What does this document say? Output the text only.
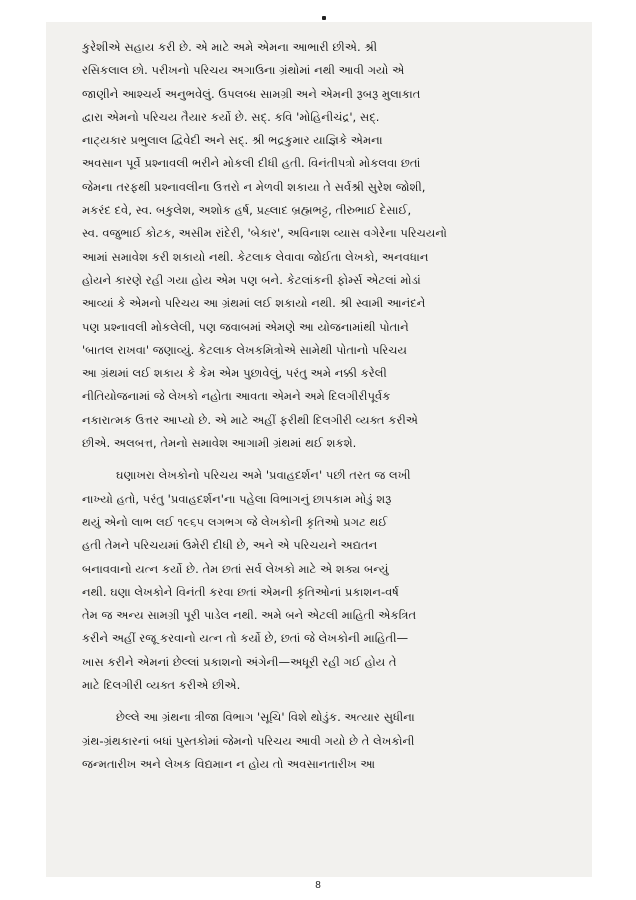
કુરેશીએ સહાય કરી છે. એ માટે અમે એમના આભારી છીએ. શ્રી
રસિકલાલ છો. પરીખનો પરિચય અગાઉના ગ્રંથોમાં નથી આવી ગયો એ
જાણીને આશ્ચર્ય અનુભવેલું. ઉપલબ્ધ સામગ્રી અને એમની રૂબરૂ મુલાકાત
દ્વારા એમનો પરિચય તૈયાર કર્યો છે. સદ્. કવિ 'મોહિનીચંદ્ર', સદ્.
નાટ્યકાર પ્રભુલાલ દ્વિવેદી અને સદ્. શ્રી ભદ્રકુમાર યાજ્ઞિકે એમના
અવસાન પૂર્વે પ્રશ્નાવલી ભરીને મોકલી દીધી હતી. વિનંતીપત્રો મોકલવા છતાં
જેમના તરફથી પ્રશ્નાવલીના ઉત્તરો ન મેળવી શકાયા તે સર્વશ્રી સુરેશ જોશી,
મકરંદ દવે, સ્વ. બકુલેશ, અશોક હર્ષ, પ્રહ્લાદ બ્રહ્મભટ્ટ, તીરુભાઈ દેસાઈ,
સ્વ. વજુભાઈ કોટક, અસીમ રાંદેરી, 'બેકાર', અવિનાશ વ્યાસ વગેરેના પરિચયનો
આમાં સમાવેશ કરી શકાયો નથી. કેટલાક લેવાવા જોઈતા લેખકો, અનવધાન
હોયને કારણે રહી ગયા હોય એમ પણ બને. કેટલાંકની ફોર્મ્સ એટલાં મોડાં
આવ્યાં કે એમનો પરિચય આ ગ્રંથમાં લઈ શકાયો નથી. શ્રી સ્વામી આનંદને
પણ પ્રશ્નાવલી મોકલેલી, પણ જવાબમાં એમણે આ યોજનામાંથી પોતાને
'બાતલ રાખવા' જણાવ્યું. કેટલાક લેખકમિત્રોએ સામેથી પોતાનો પરિચય
આ ગ્રંથમાં લઈ શકાય કે કેમ એમ પુછાવેલું, પરંતુ અમે નક્કી કરેલી
નીતિયોજનામાં જે લેખકો નહોતા આવતા એમને અમે દિલગીરીપૂર્વક
નકારાત્મક ઉત્તર આપ્યો છે. એ માટે અહીં ફરીથી દિલગીરી વ્યક્ત કરીએ
છીએ. અલબત્ત, તેમનો સમાવેશ આગામી ગ્રંથમાં થઈ શકશે.
ઘણાખરા લેખકોનો પરિચય અમે 'પ્રવાહદર્શન' પછી તરત જ લખી
નાખ્યો હતો, પરંતુ 'પ્રવાહદર્શન'ના પહેલા વિભાગનું છાપકામ મોડું શરૂ
થયું એનો લાભ લઈ ૧૯૬૫ લગભગ જે લેખકોની કૃતિઓ પ્રગટ થઈ
હતી તેમને પરિચયમાં ઉમેરી દીધી છે, અને એ પરિચયને અદ્યતન
બનાવવાનો યત્ન કર્યો છે. તેમ છતાં સર્વ લેખકો માટે એ શક્ય બન્યું
નથી. ઘણા લેખકોને વિનંતી કરવા છતાં એમની કૃતિઓનાં પ્રકાશન-વર્ષ
તેમ જ અન્ય સામગ્રી પૂરી પાડેલ નથી. અમે બને એટલી માહિતી એકત્રિત
કરીને અહીં રજૂ કરવાનો યત્ન તો કર્યો છે, છતાં જે લેખકોની માહિતી—
ખાસ કરીને એમનાં છેલ્લાં પ્રકાશનો અંગેની—અધૂરી રહી ગઈ હોય તે
માટે દિલગીરી વ્યક્ત કરીએ છીએ.
છેલ્લે આ ગ્રંથના ત્રીજા વિભાગ 'સૂચિ' વિશે થોડુંક. અત્યાર સુધીના
ગ્રંથ-ગ્રંથકારનાં બધાં પુસ્તકોમાં જેમનો પરિચય આવી ગયો છે તે લેખકોની
જન્મતારીખ અને લેખક વિદ્યમાન ન હોય તો અવસાનતારીખ આ
8
